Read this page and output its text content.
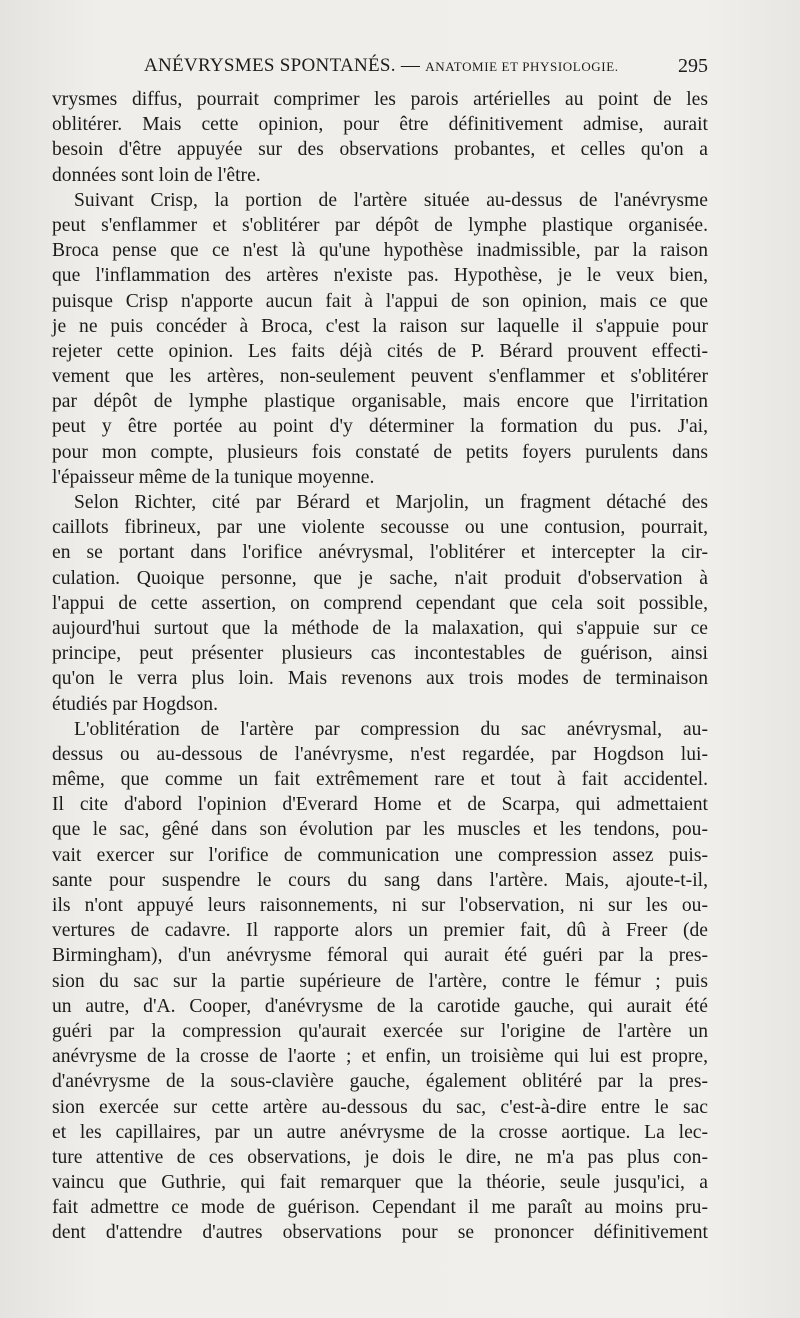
ANÉVRYSMES SPONTANÉS. — ANATOMIE ET PHYSIOLOGIE.	295
vrysmes diffus, pourrait comprimer les parois artérielles au point de les
oblitérer. Mais cette opinion, pour être définitivement admise, aurait
besoin d'être appuyée sur des observations probantes, et celles qu'on a
données sont loin de l'être.
Suivant Crisp, la portion de l'artère située au-dessus de l'anévrysme
peut s'enflammer et s'oblitérer par dépôt de lymphe plastique organisée.
Broca pense que ce n'est là qu'une hypothèse inadmissible, par la raison
que l'inflammation des artères n'existe pas. Hypothèse, je le veux bien,
puisque Crisp n'apporte aucun fait à l'appui de son opinion, mais ce que
je ne puis concéder à Broca, c'est la raison sur laquelle il s'appuie pour
rejeter cette opinion. Les faits déjà cités de P. Bérard prouvent effecti-
vement que les artères, non-seulement peuvent s'enflammer et s'oblitérer
par dépôt de lymphe plastique organisable, mais encore que l'irritation
peut y être portée au point d'y déterminer la formation du pus. J'ai,
pour mon compte, plusieurs fois constaté de petits foyers purulents dans
l'épaisseur même de la tunique moyenne.
Selon Richter, cité par Bérard et Marjolin, un fragment détaché des
caillots fibrineux, par une violente secousse ou une contusion, pourrait,
en se portant dans l'orifice anévrysmal, l'oblitérer et intercepter la cir-
culation. Quoique personne, que je sache, n'ait produit d'observation à
l'appui de cette assertion, on comprend cependant que cela soit possible,
aujourd'hui surtout que la méthode de la malaxation, qui s'appuie sur ce
principe, peut présenter plusieurs cas incontestables de guérison, ainsi
qu'on le verra plus loin. Mais revenons aux trois modes de terminaison
étudiés par Hogdson.
L'oblitération de l'artère par compression du sac anévrysmal, au-
dessus ou au-dessous de l'anévrysme, n'est regardée, par Hogdson lui-
même, que comme un fait extrêmement rare et tout à fait accidentel.
Il cite d'abord l'opinion d'Everard Home et de Scarpa, qui admettaient
que le sac, gêné dans son évolution par les muscles et les tendons, pou-
vait exercer sur l'orifice de communication une compression assez puis-
sante pour suspendre le cours du sang dans l'artère. Mais, ajoute-t-il,
ils n'ont appuyé leurs raisonnements, ni sur l'observation, ni sur les ou-
vertures de cadavre. Il rapporte alors un premier fait, dû à Freer (de
Birmingham), d'un anévrysme fémoral qui aurait été guéri par la pres-
sion du sac sur la partie supérieure de l'artère, contre le fémur ; puis
un autre, d'A. Cooper, d'anévrysme de la carotide gauche, qui aurait été
guéri par la compression qu'aurait exercée sur l'origine de l'artère un
anévrysme de la crosse de l'aorte ; et enfin, un troisième qui lui est propre,
d'anévrysme de la sous-clavière gauche, également oblitéré par la pres-
sion exercée sur cette artère au-dessous du sac, c'est-à-dire entre le sac
et les capillaires, par un autre anévrysme de la crosse aortique. La lec-
ture attentive de ces observations, je dois le dire, ne m'a pas plus con-
vaincu que Guthrie, qui fait remarquer que la théorie, seule jusqu'ici, a
fait admettre ce mode de guérison. Cependant il me paraît au moins pru-
dent d'attendre d'autres observations pour se prononcer définitivement
